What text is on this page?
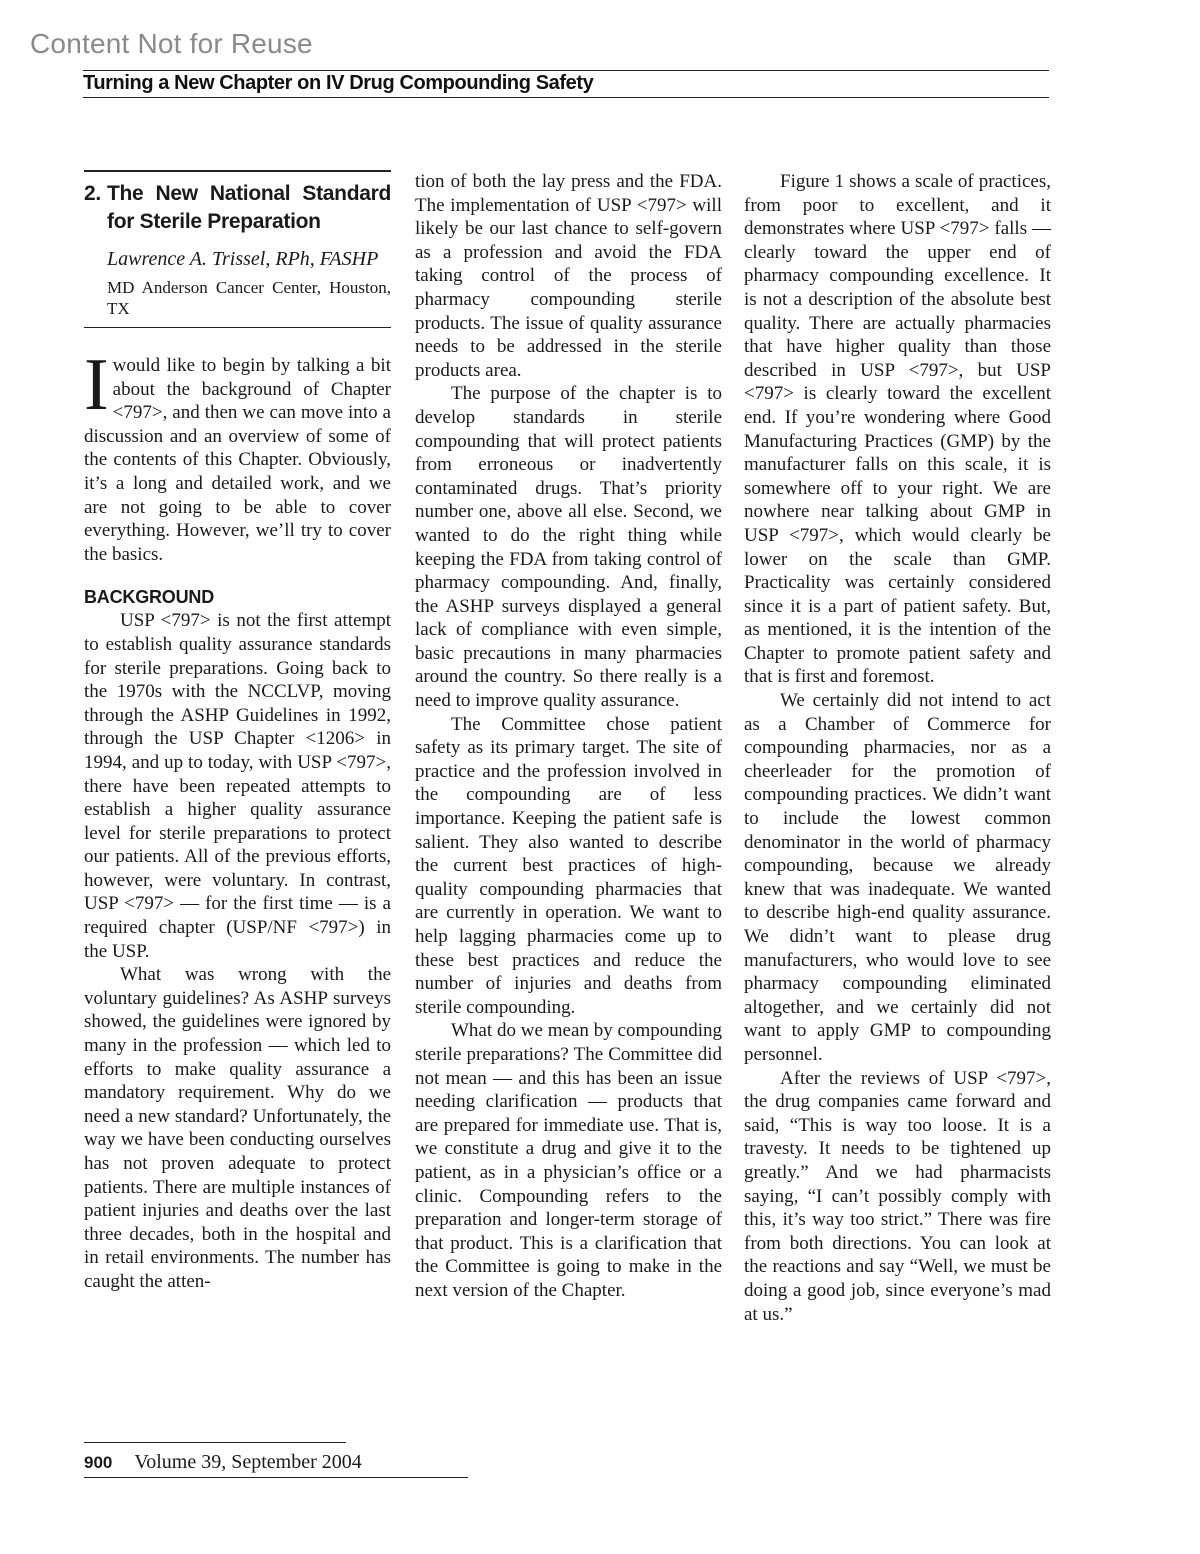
Content Not for Reuse
Turning a New Chapter on IV Drug Compounding Safety
2. The New National Standard for Sterile Preparation
Lawrence A. Trissel, RPh, FASHP
MD Anderson Cancer Center, Houston, TX

Iwould like to begin by talking a bit about the background of Chapter <797>, and then we can move into a discussion and an overview of some of the contents of this Chapter. Obviously, it’s a long and detailed work, and we are not going to be able to cover everything. However, we’ll try to cover the basics.

BACKGROUND

USP <797> is not the first attempt to establish quality assurance standards for sterile preparations. Going back to the 1970s with the NCCLVP, moving through the ASHP Guidelines in 1992, through the USP Chapter <1206> in 1994, and up to today, with USP <797>, there have been repeated attempts to establish a higher quality assurance level for sterile preparations to protect our patients. All of the previous efforts, however, were voluntary. In contrast, USP <797> — for the first time — is a required chapter (USP/NF <797>) in the USP.

What was wrong with the voluntary guidelines? As ASHP surveys showed, the guidelines were ignored by many in the profession — which led to efforts to make quality assurance a mandatory requirement. Why do we need a new standard? Unfortunately, the way we have been conducting ourselves has not proven adequate to protect patients. There are multiple instances of patient injuries and deaths over the last three decades, both in the hospital and in retail environments. The number has caught the atten-

tion of both the lay press and the FDA. The implementation of USP <797> will likely be our last chance to self-govern as a profession and avoid the FDA taking control of the process of pharmacy compounding sterile products. The issue of quality assurance needs to be addressed in the sterile products area.

The purpose of the chapter is to develop standards in sterile compounding that will protect patients from erroneous or inadvertently contaminated drugs. That’s priority number one, above all else. Second, we wanted to do the right thing while keeping the FDA from taking control of pharmacy compounding. And, finally, the ASHP surveys displayed a general lack of compliance with even simple, basic precautions in many pharmacies around the country. So there really is a need to improve quality assurance.

The Committee chose patient safety as its primary target. The site of practice and the profession involved in the compounding are of less importance. Keeping the patient safe is salient. They also wanted to describe the current best practices of high-quality compounding pharmacies that are currently in operation. We want to help lagging pharmacies come up to these best practices and reduce the number of injuries and deaths from sterile compounding.

What do we mean by compounding sterile preparations? The Committee did not mean — and this has been an issue needing clarification — products that are prepared for immediate use. That is, we constitute a drug and give it to the patient, as in a physician’s office or a clinic. Compounding refers to the preparation and longer-term storage of that product. This is a clarification that the Committee is going to make in the next version of the Chapter.

Figure 1 shows a scale of practices, from poor to excellent, and it demonstrates where USP <797> falls — clearly toward the upper end of pharmacy compounding excellence. It is not a description of the absolute best quality. There are actually pharmacies that have higher quality than those described in USP <797>, but USP <797> is clearly toward the excellent end. If you’re wondering where Good Manufacturing Practices (GMP) by the manufacturer falls on this scale, it is somewhere off to your right. We are nowhere near talking about GMP in USP <797>, which would clearly be lower on the scale than GMP. Practicality was certainly considered since it is a part of patient safety. But, as mentioned, it is the intention of the Chapter to promote patient safety and that is first and foremost.

We certainly did not intend to act as a Chamber of Commerce for compounding pharmacies, nor as a cheerleader for the promotion of compounding practices. We didn’t want to include the lowest common denominator in the world of pharmacy compounding, because we already knew that was inadequate. We wanted to describe high-end quality assurance. We didn’t want to please drug manufacturers, who would love to see pharmacy compounding eliminated altogether, and we certainly did not want to apply GMP to compounding personnel.

After the reviews of USP <797>, the drug companies came forward and said, “This is way too loose. It is a travesty. It needs to be tightened up greatly.” And we had pharmacists saying, “I can’t possibly comply with this, it’s way too strict.” There was fire from both directions. You can look at the reactions and say “Well, we must be doing a good job, since everyone’s mad at us.”

900 Volume 39, September 2004
